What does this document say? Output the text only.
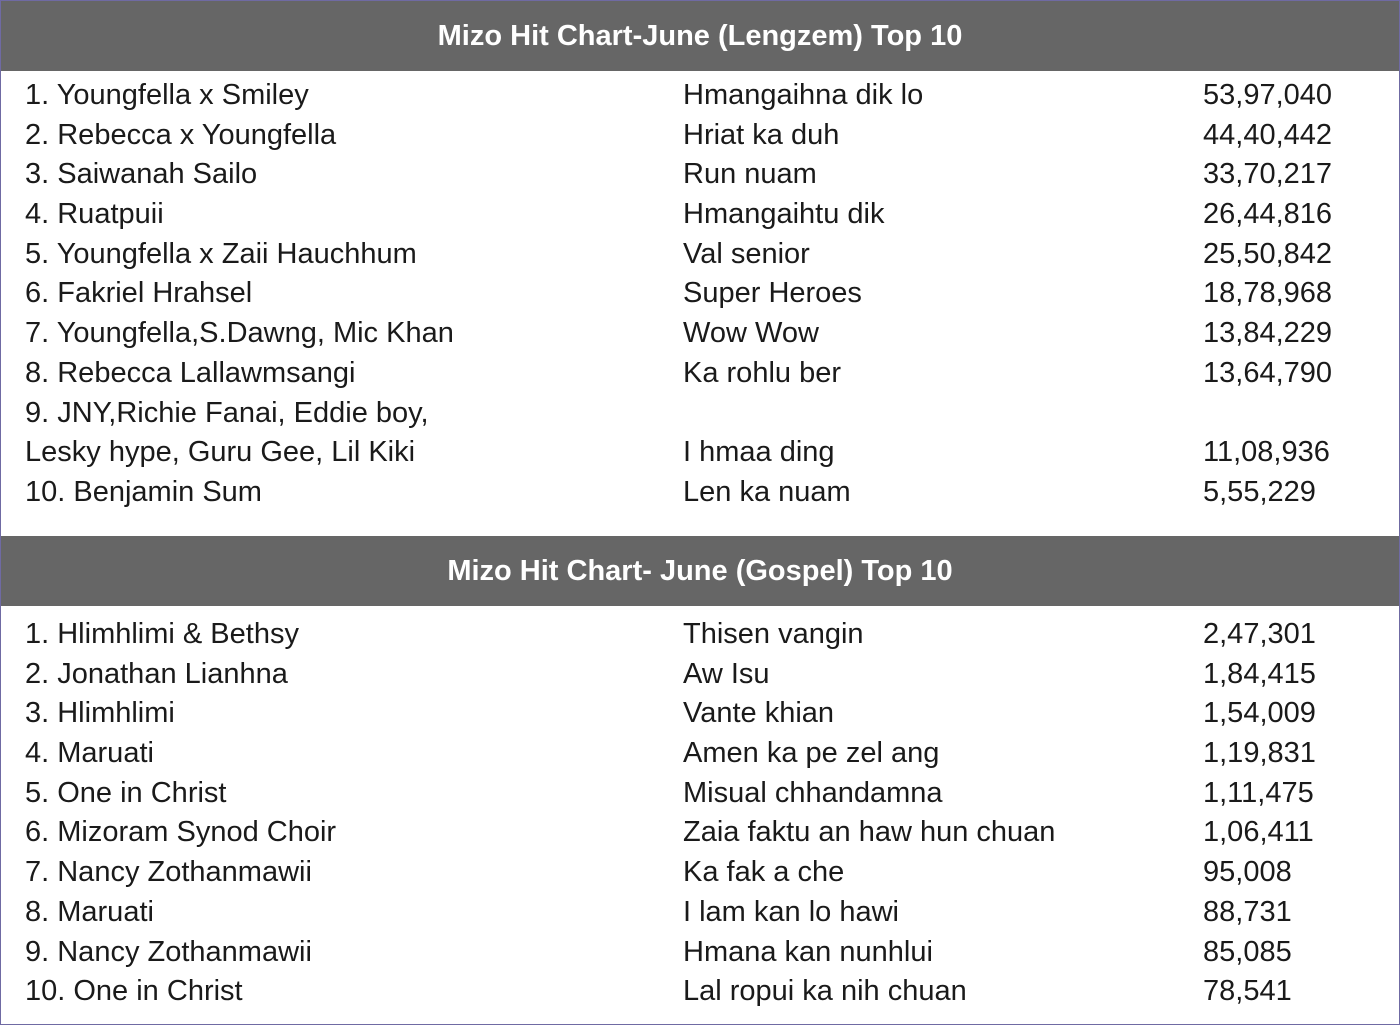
Mizo Hit Chart-June (Lengzem) Top 10
1. Youngfella x Smiley	Hmangaihna dik lo	53,97,040
2. Rebecca x Youngfella	Hriat ka duh	44,40,442
3. Saiwanah Sailo	Run nuam	33,70,217
4. Ruatpuii	Hmangaihtu dik	26,44,816
5. Youngfella x Zaii Hauchhum	Val senior	25,50,842
6. Fakriel Hrahsel	Super Heroes	18,78,968
7. Youngfella,S.Dawng, Mic Khan	Wow Wow	13,84,229
8. Rebecca Lallawmsangi	Ka rohlu ber	13,64,790
9. JNY,Richie Fanai, Eddie boy,
Lesky hype, Guru Gee, Lil Kiki	I hmaa ding	11,08,936
10. Benjamin Sum	Len ka nuam	5,55,229
Mizo Hit Chart- June (Gospel) Top 10
1. Hlimhlimi & Bethsy	Thisen vangin	2,47,301
2. Jonathan Lianhna	Aw Isu	1,84,415
3. Hlimhlimi	Vante khian	1,54,009
4. Maruati	Amen ka pe zel ang	1,19,831
5. One in Christ	Misual chhandamna	1,11,475
6. Mizoram Synod Choir	Zaia faktu an haw hun chuan	1,06,411
7. Nancy Zothanmawii	Ka fak a che	95,008
8. Maruati	I lam kan lo hawi	88,731
9. Nancy Zothanmawii	Hmana kan nunhlui	85,085
10. One in Christ	Lal ropui ka nih chuan	78,541
